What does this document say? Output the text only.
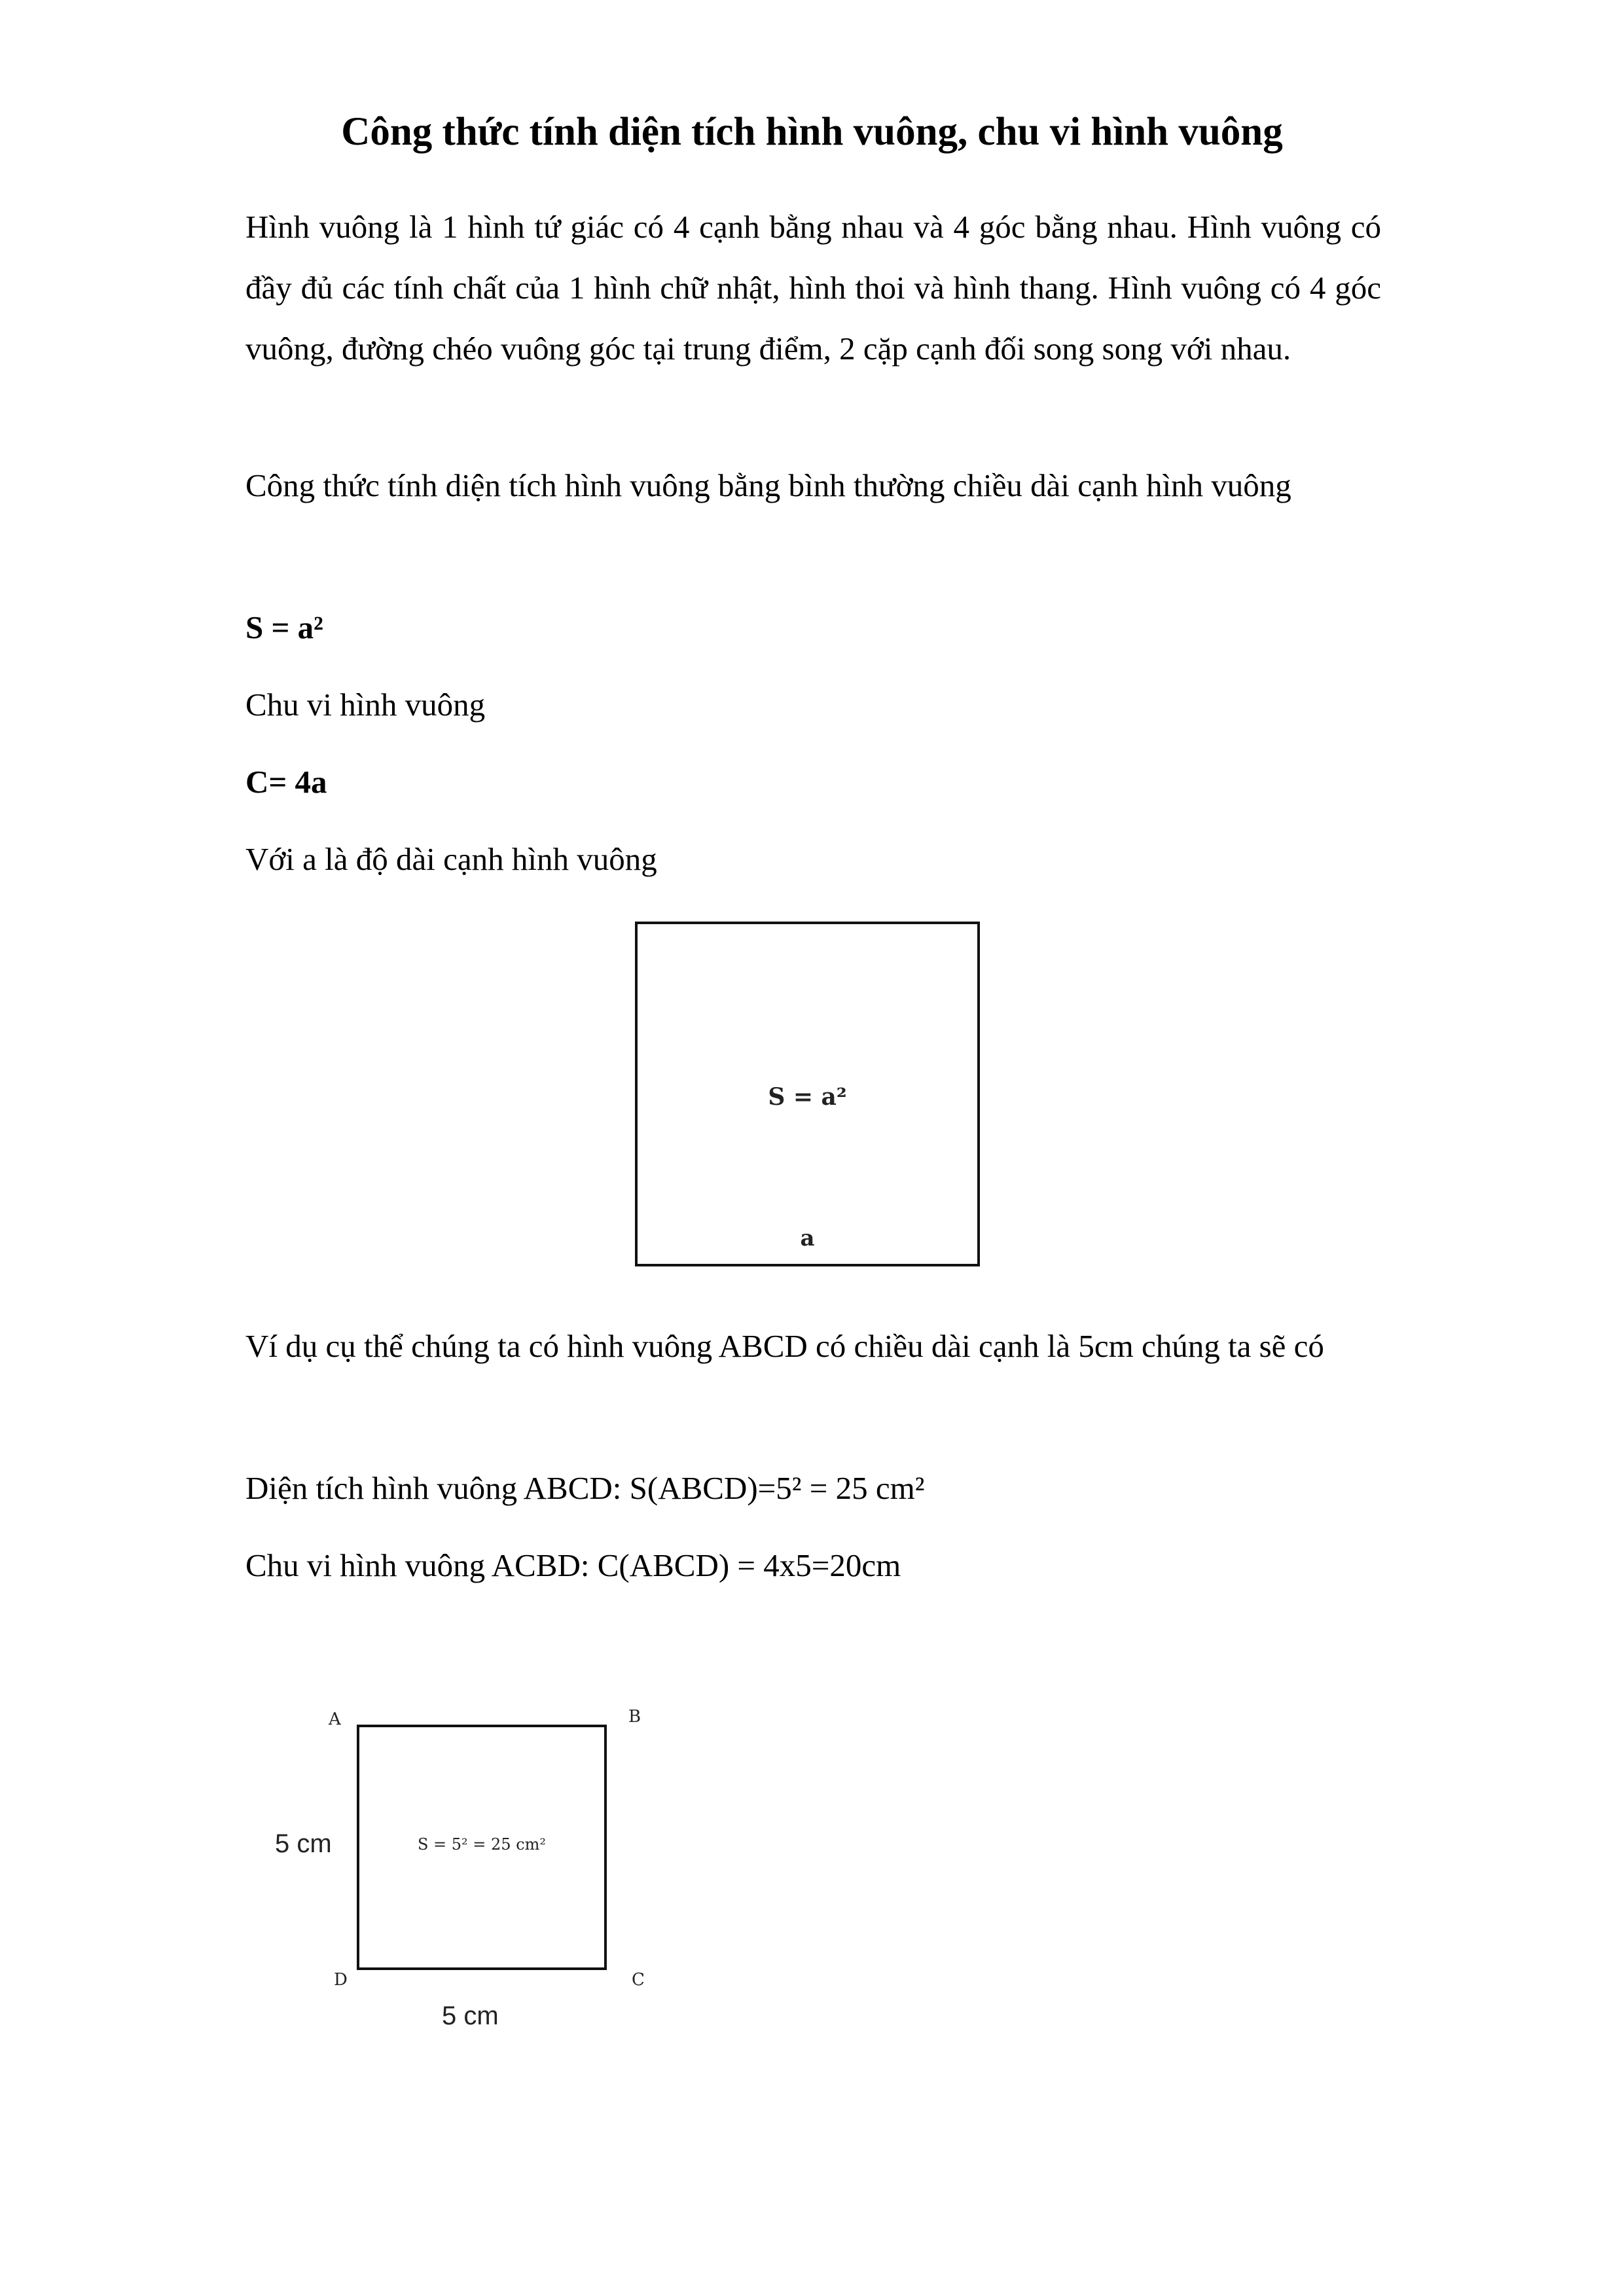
Công thức tính diện tích hình vuông, chu vi hình vuông

Hình vuông là 1 hình tứ giác có 4 cạnh bằng nhau và 4 góc bằng nhau. Hình vuông có đầy đủ các tính chất của 1 hình chữ nhật, hình thoi và hình thang. Hình vuông có 4 góc vuông, đường chéo vuông góc tại trung điểm, 2 cặp cạnh đối song song với nhau.

Công thức tính diện tích hình vuông bằng bình thường chiều dài cạnh hình vuông

S = a²

Chu vi hình vuông

C= 4a

Với a là độ dài cạnh hình vuông

S = a²
a

Ví dụ cụ thể chúng ta có hình vuông ABCD có chiều dài cạnh là 5cm chúng ta sẽ có

Diện tích hình vuông ABCD: S(ABCD)=5² = 25 cm²

Chu vi hình vuông ACBD: C(ABCD) = 4x5=20cm

A	B
C
D
S = 5² = 25 cm²
5 cm
5 cm
